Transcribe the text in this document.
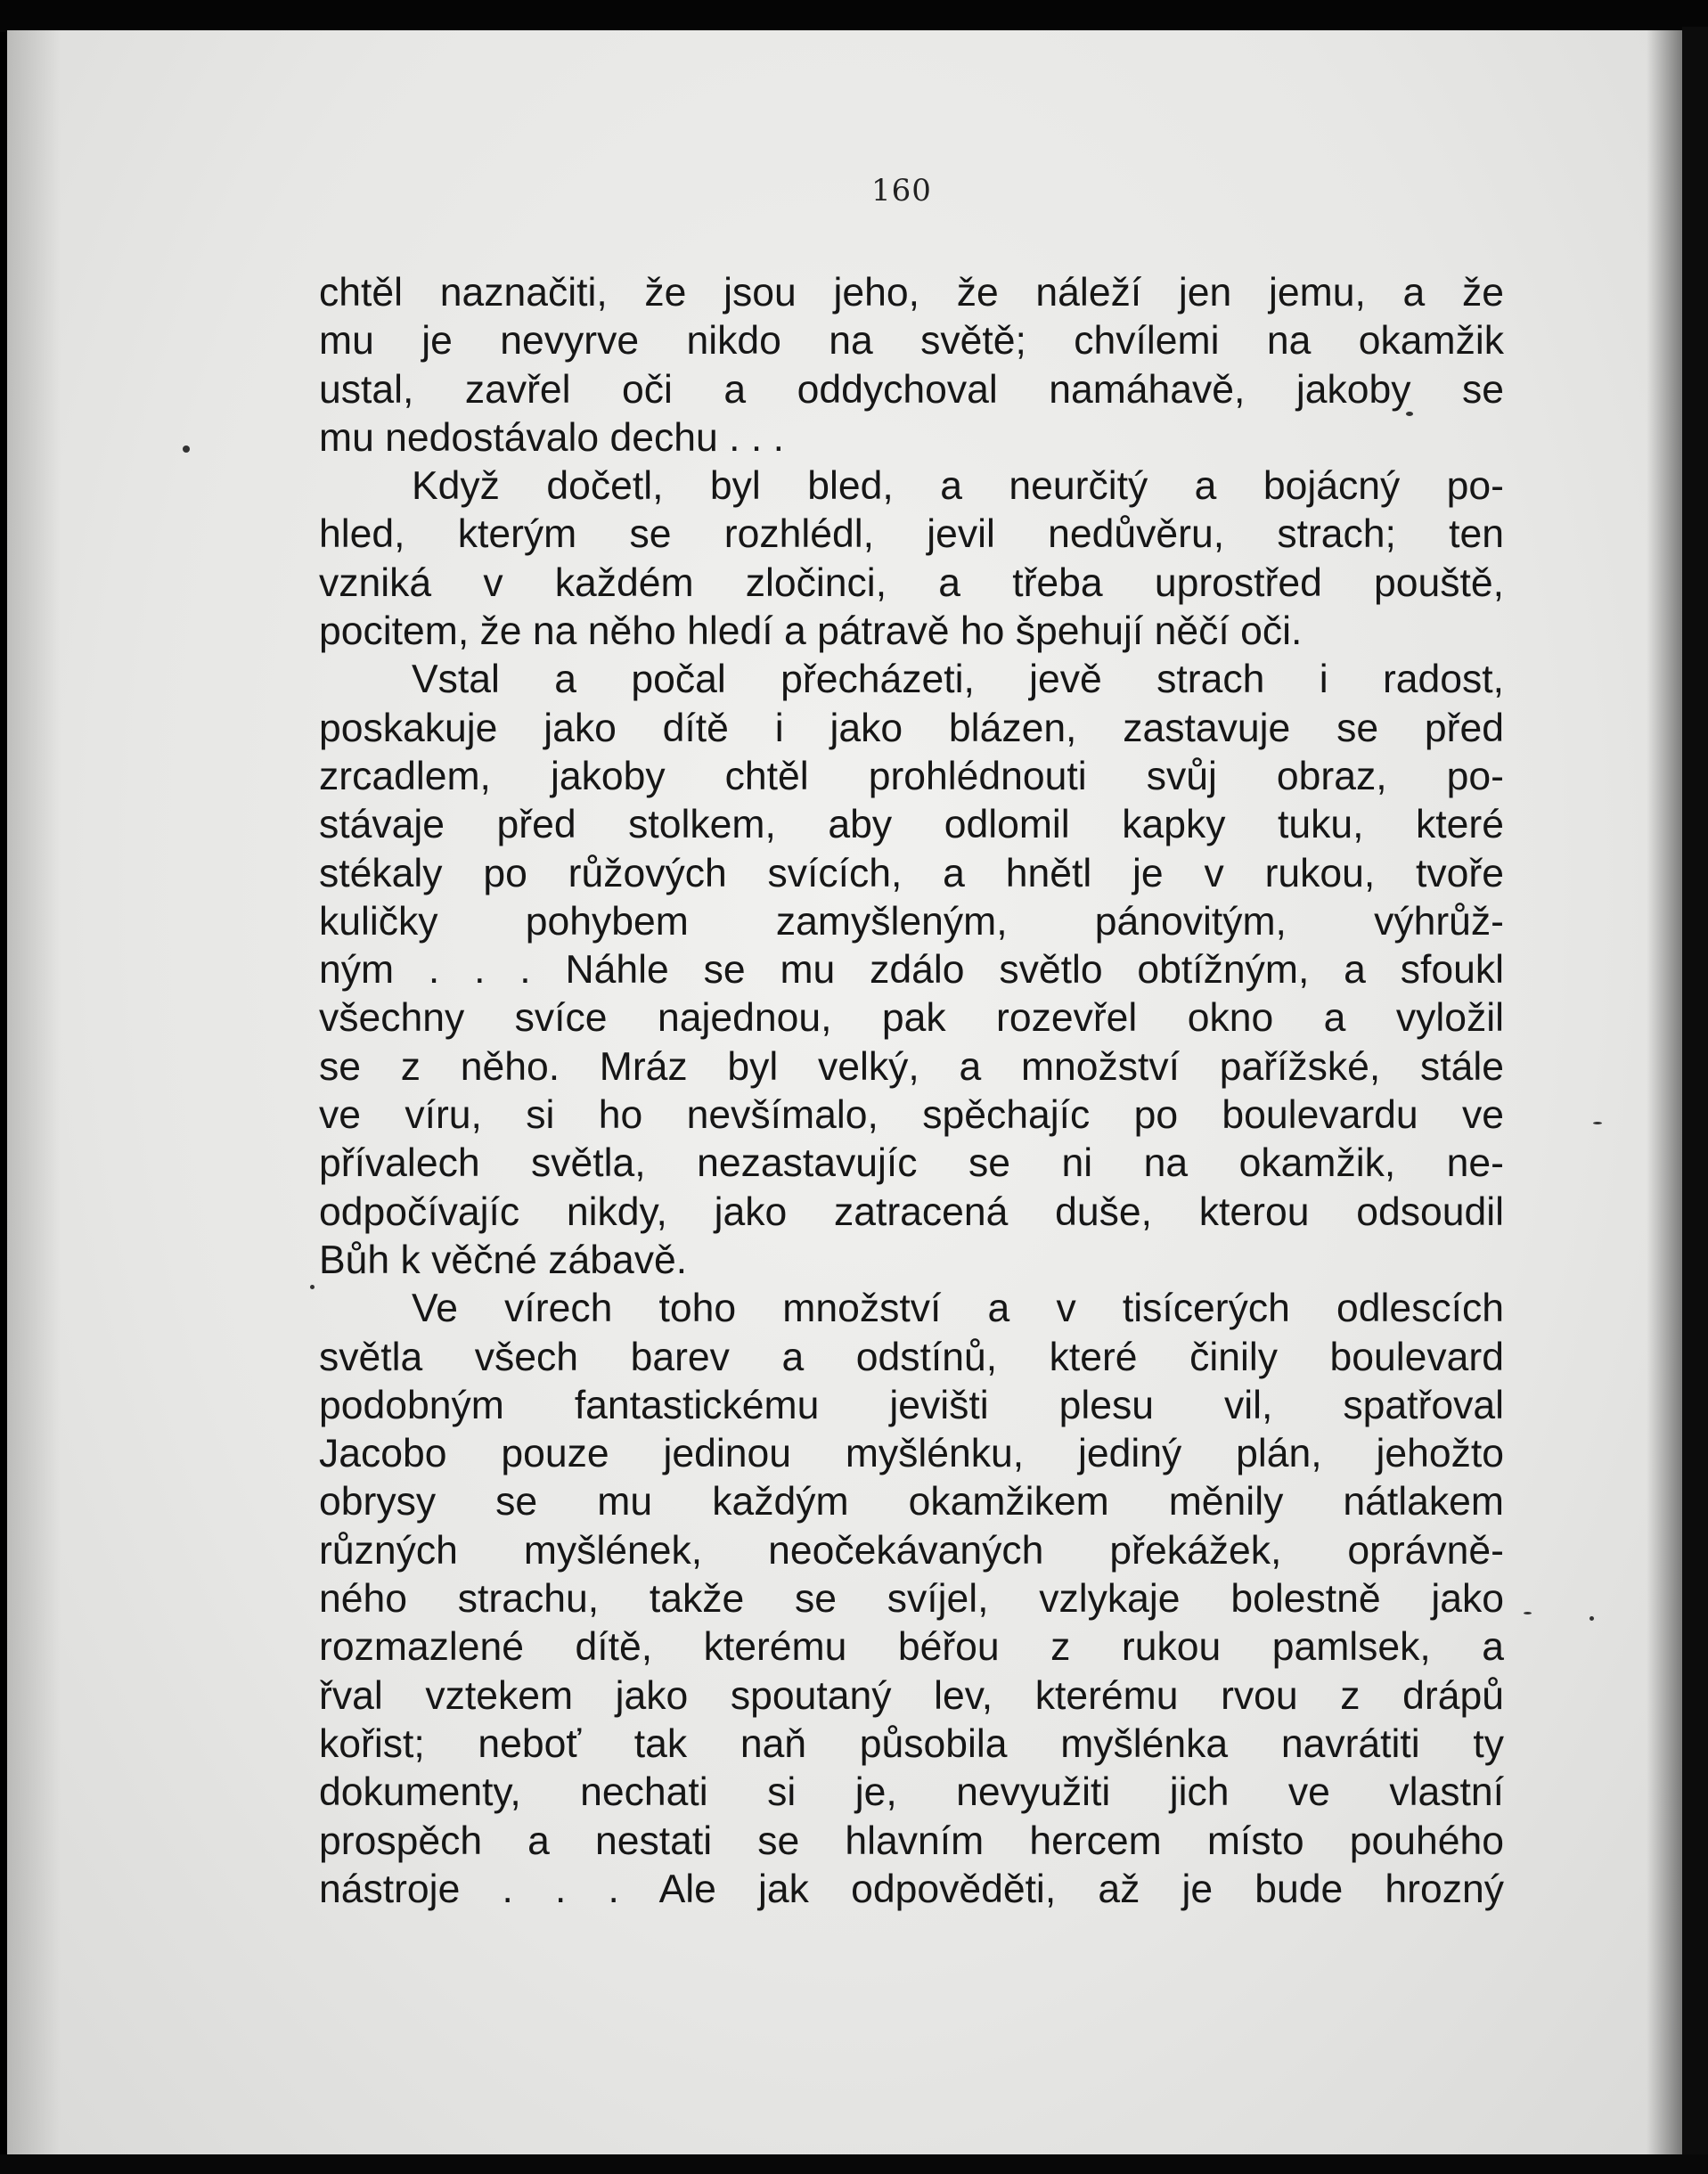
160
chtěl naznačiti, že jsou jeho, že náleží jen jemu, a že
mu je nevyrve nikdo na světě; chvílemi na okamžik
ustal, zavřel oči a oddychoval namáhavě, jakoby se
mu nedostávalo dechu . . .
Když dočetl, byl bled, a neurčitý a bojácný po-
hled, kterým se rozhlédl, jevil nedůvěru, strach; ten
vzniká v každém zločinci, a třeba uprostřed pouště,
pocitem, že na něho hledí a pátravě ho špehují něčí oči.
Vstal a počal přecházeti, jevě strach i radost,
poskakuje jako dítě i jako blázen, zastavuje se před
zrcadlem, jakoby chtěl prohlédnouti svůj obraz, po-
stávaje před stolkem, aby odlomil kapky tuku, které
stékaly po růžových svících, a hnětl je v rukou, tvoře
kuličky pohybem zamyšleným, pánovitým, výhrůž-
ným . . . Náhle se mu zdálo světlo obtížným, a sfoukl
všechny svíce najednou, pak rozevřel okno a vyložil
se z něho. Mráz byl velký, a množství pařížské, stále
ve víru, si ho nevšímalo, spěchajíc po boulevardu ve
přívalech světla, nezastavujíc se ni na okamžik, ne-
odpočívajíc nikdy, jako zatracená duše, kterou odsoudil
Bůh k věčné zábavě.
Ve vírech toho množství a v tisícerých odlescích
světla všech barev a odstínů, které činily boulevard
podobným fantastickému jevišti plesu vil, spatřoval
Jacobo pouze jedinou myšlénku, jediný plán, jehožto
obrysy se mu každým okamžikem měnily nátlakem
různých myšlének, neočekávaných překážek, oprávně-
ného strachu, takže se svíjel, vzlykaje bolestně jako
rozmazlené dítě, kterému béřou z rukou pamlsek, a
řval vztekem jako spoutaný lev, kterému rvou z drápů
kořist; neboť tak naň působila myšlénka navrátiti ty
dokumenty, nechati si je, nevyužiti jich ve vlastní
prospěch a nestati se hlavním hercem místo pouhého
nástroje . . . Ale jak odpověděti, až je bude hrozný
